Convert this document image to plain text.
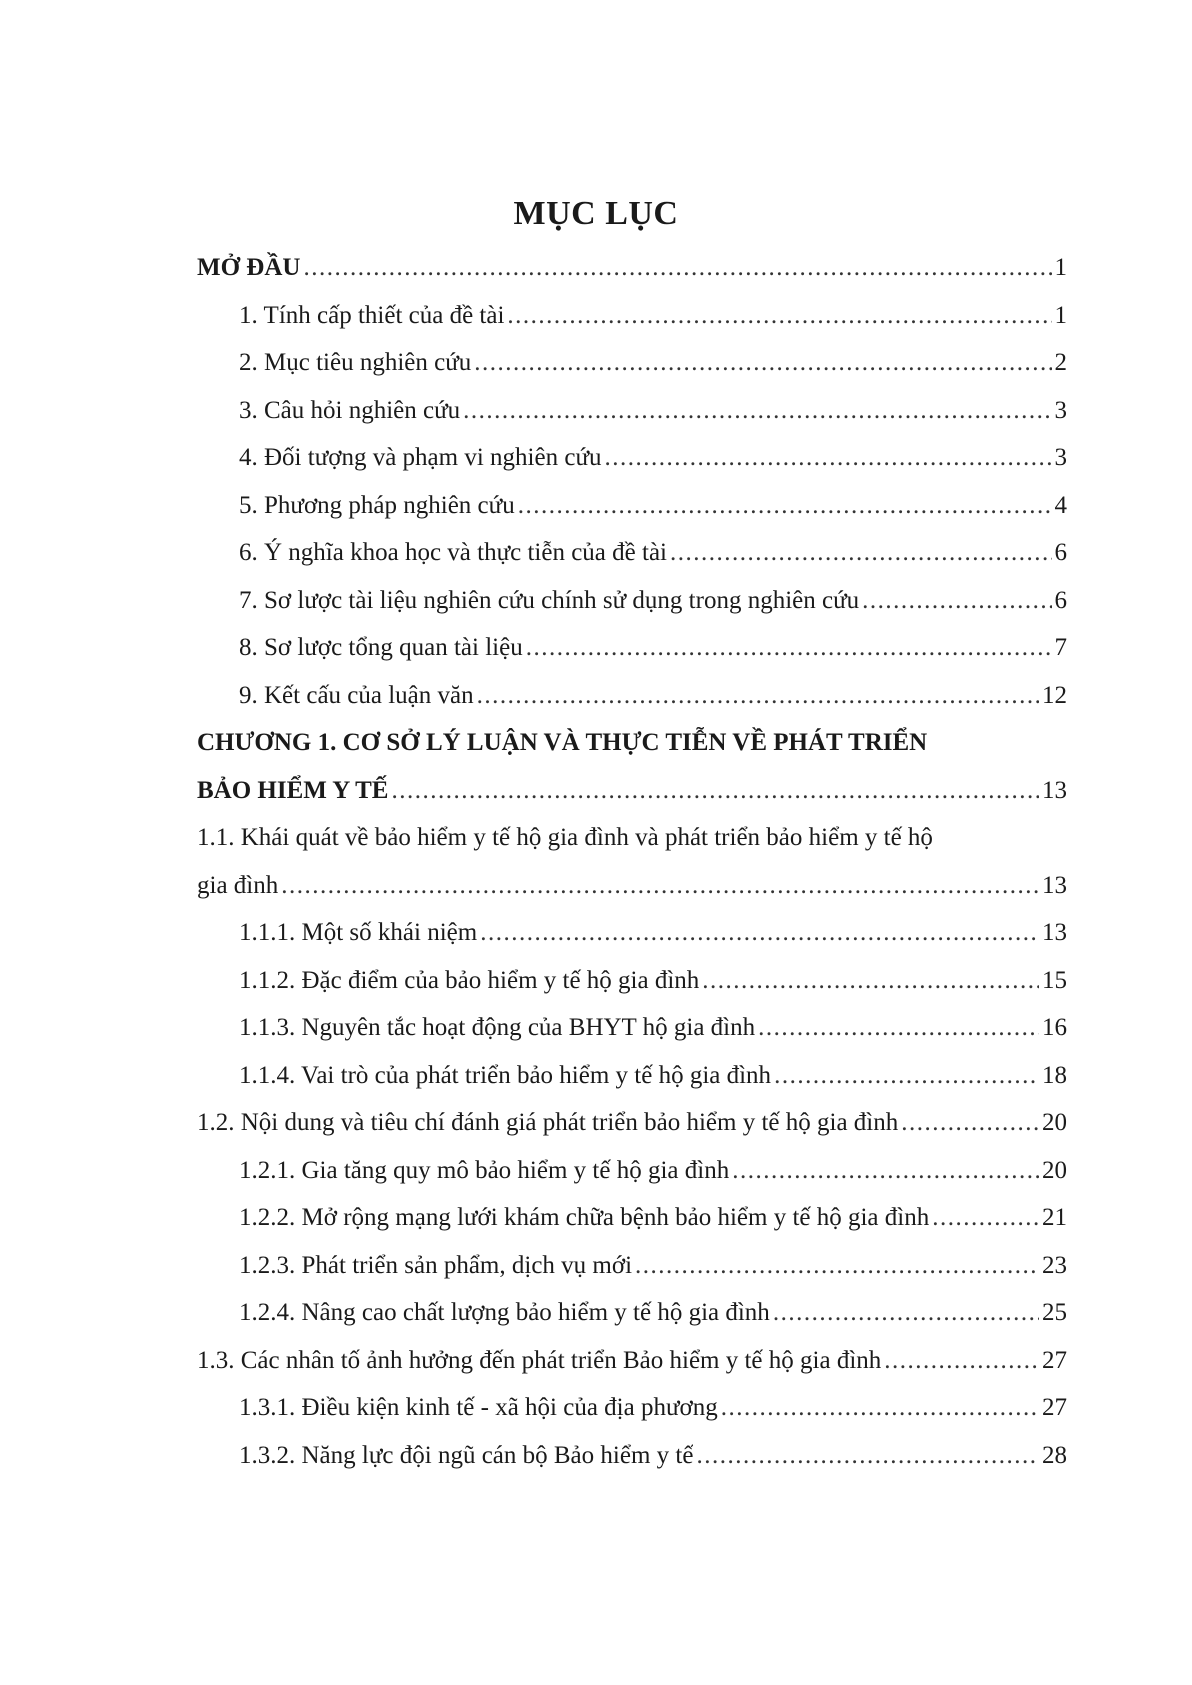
MỤC LỤC
MỞ ĐẦU .....	1
1. Tính cấp thiết của đề tài .....	1
2. Mục tiêu nghiên cứu .....	2
3. Câu hỏi nghiên cứu .....	3
4. Đối tượng và phạm vi nghiên cứu .....	3
5. Phương pháp nghiên cứu .....	4
6. Ý nghĩa khoa học và thực tiễn của đề tài .....	6
7. Sơ lược tài liệu nghiên cứu chính sử dụng trong nghiên cứu .....	6
8. Sơ lược tổng quan tài liệu .....	7
9. Kết cấu của luận văn .....	12
CHƯƠNG 1. CƠ SỞ LÝ LUẬN VÀ THỰC TIỄN VỀ PHÁT TRIỂN
BẢO HIỂM Y TẾ .....	13
1.1. Khái quát về bảo hiểm y tế hộ gia đình và phát triển bảo hiểm y tế hộ
gia đình .....	13
1.1.1. Một số khái niệm .....	13
1.1.2. Đặc điểm của bảo hiểm y tế hộ gia đình .....	15
1.1.3. Nguyên tắc hoạt động của BHYT hộ gia đình .....	16
1.1.4. Vai trò của phát triển bảo hiểm y tế hộ gia đình .....	18
1.2. Nội dung và tiêu chí đánh giá phát triển bảo hiểm y tế hộ gia đình .....	20
1.2.1. Gia tăng quy mô bảo hiểm y tế hộ gia đình .....	20
1.2.2. Mở rộng mạng lưới khám chữa bệnh bảo hiểm y tế hộ gia đình .....	21
1.2.3. Phát triển sản phẩm, dịch vụ mới .....	23
1.2.4. Nâng cao chất lượng bảo hiểm y tế hộ gia đình .....	25
1.3. Các nhân tố ảnh hưởng đến phát triển Bảo hiểm y tế hộ gia đình .....	27
1.3.1. Điều kiện kinh tế - xã hội của địa phương .....	27
1.3.2. Năng lực đội ngũ cán bộ Bảo hiểm y tế .....	28
